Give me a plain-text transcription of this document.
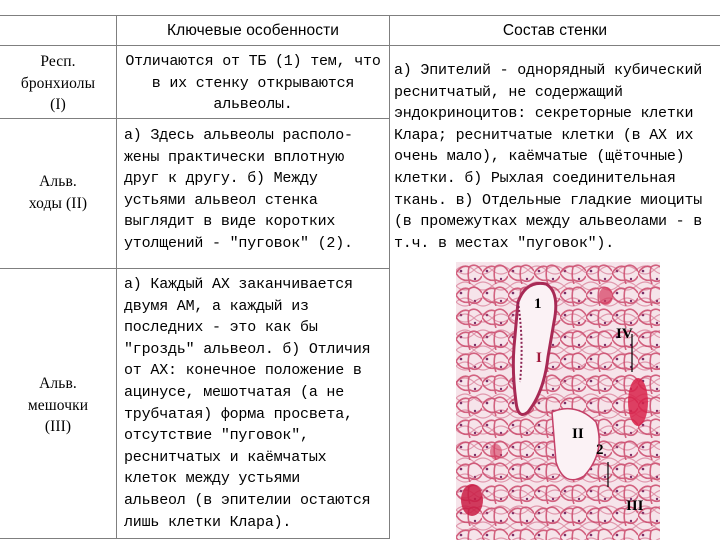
Ключевые особенности	Состав стенки
Респ.
бронхиолы
(I)
Альв.
ходы (II)
Альв.
мешочки
(III)
Отличаются от ТБ (1) тем, что
в их стенку открываются
альвеолы.
а) Здесь альвеолы располо-
жены практически вплотную
друг к другу. б) Между
устьями альвеол стенка
выглядит в виде коротких
утолщений - "пуговок" (2).
а) Каждый АХ заканчивается
двумя АМ, а каждый из
последних - это как бы
"гроздь" альвеол. б) Отличия
от АХ: конечное положение в
ацинусе, мешотчатая (а не
трубчатая) форма просвета,
отсутствие "пуговок",
реснитчатых и каёмчатых
клеток между устьями
альвеол (в эпителии остаются
лишь клетки Клара).
а) Эпителий - однорядный кубический
реснитчатый, не содержащий
эндокриноцитов: секреторные клетки
Клара; реснитчатые клетки (в АХ их
очень мало), каёмчатые (щёточные)
клетки. б) Рыхлая соединительная
ткань. в) Отдельные гладкие миоциты
(в промежутках между альвеолами - в
т.ч. в местах "пуговок").
1
I
IV
II
2
III
